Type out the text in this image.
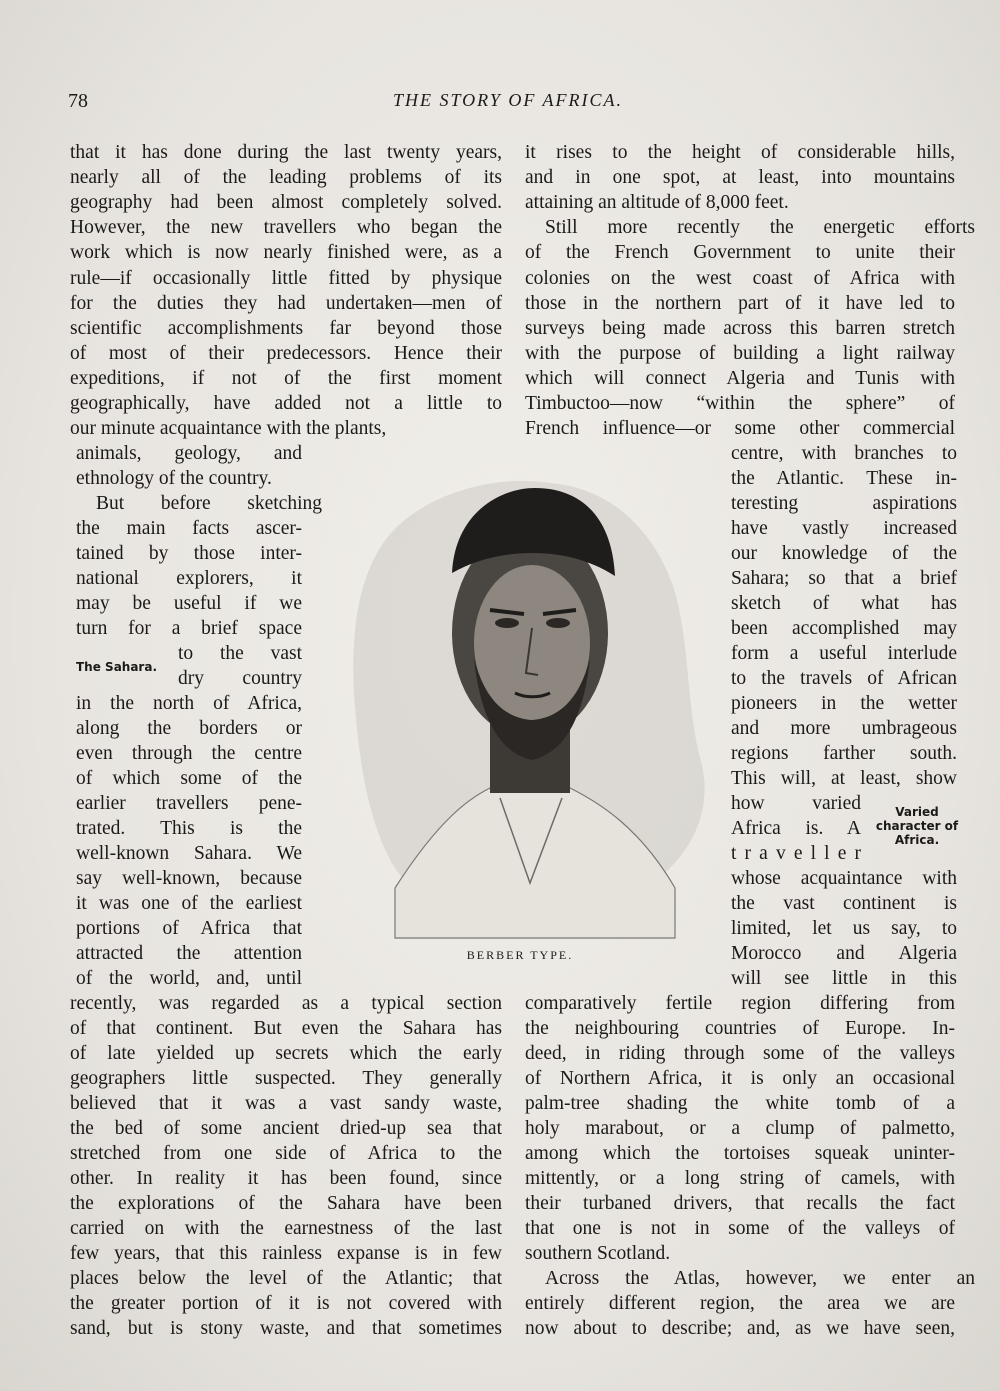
78	THE STORY OF AFRICA.
that it has done during the last twenty years,
nearly all of the leading problems of its
geography had been almost completely solved.
However, the new travellers who began the
work which is now nearly finished were, as a
rule—if occasionally little fitted by physique
for the duties they had undertaken—men of
scientific accomplishments far beyond those
of most of their predecessors. Hence their
expeditions, if not of the first moment
geographically, have added not a little to
our minute acquaintance with the plants,
animals, geology, and
ethnology of the country.
But before sketching
the main facts ascer-
tained by those inter-
national explorers, it
may be useful if we
turn for a brief space
to the vast
dry country
in the north of Africa,
along the borders or
even through the centre
of which some of the
earlier travellers pene-
trated. This is the
well-known Sahara. We
say well-known, because
it was one of the earliest
portions of Africa that
attracted the attention
of the world, and, until
recently, was regarded as a typical section
of that continent. But even the Sahara has
of late yielded up secrets which the early
geographers little suspected. They generally
believed that it was a vast sandy waste,
the bed of some ancient dried-up sea that
stretched from one side of Africa to the
other. In reality it has been found, since
the explorations of the Sahara have been
carried on with the earnestness of the last
few years, that this rainless expanse is in few
places below the level of the Atlantic; that
the greater portion of it is not covered with
sand, but is stony waste, and that sometimes
it rises to the height of considerable hills,
and in one spot, at least, into mountains
attaining an altitude of 8,000 feet.
Still more recently the energetic efforts
of the French Government to unite their
colonies on the west coast of Africa with
those in the northern part of it have led to
surveys being made across this barren stretch
with the purpose of building a light railway
which will connect Algeria and Tunis with
Timbuctoo—now “within the sphere” of
French influence—or some other commercial
centre, with branches to
the Atlantic. These in-
teresting aspirations
have vastly increased
our knowledge of the
Sahara; so that a brief
sketch of what has
been accomplished may
form a useful interlude
to the travels of African
pioneers in the wetter
and more umbrageous
regions farther south.
This will, at least, show
how varied
Africa is. A
t r a v e l l e r
whose acquaintance with
the vast continent is
limited, let us say, to
Morocco and Algeria
will see little in this
comparatively fertile region differing from
the neighbouring countries of Europe. In-
deed, in riding through some of the valleys
of Northern Africa, it is only an occasional
palm-tree shading the white tomb of a
holy marabout, or a clump of palmetto,
among which the tortoises squeak uninter-
mittently, or a long string of camels, with
their turbaned drivers, that recalls the fact
that one is not in some of the valleys of
southern Scotland.
Across the Atlas, however, we enter an
entirely different region, the area we are
now about to describe; and, as we have seen,
The Sahara.
Varied
character of
Africa.
BERBER TYPE.
